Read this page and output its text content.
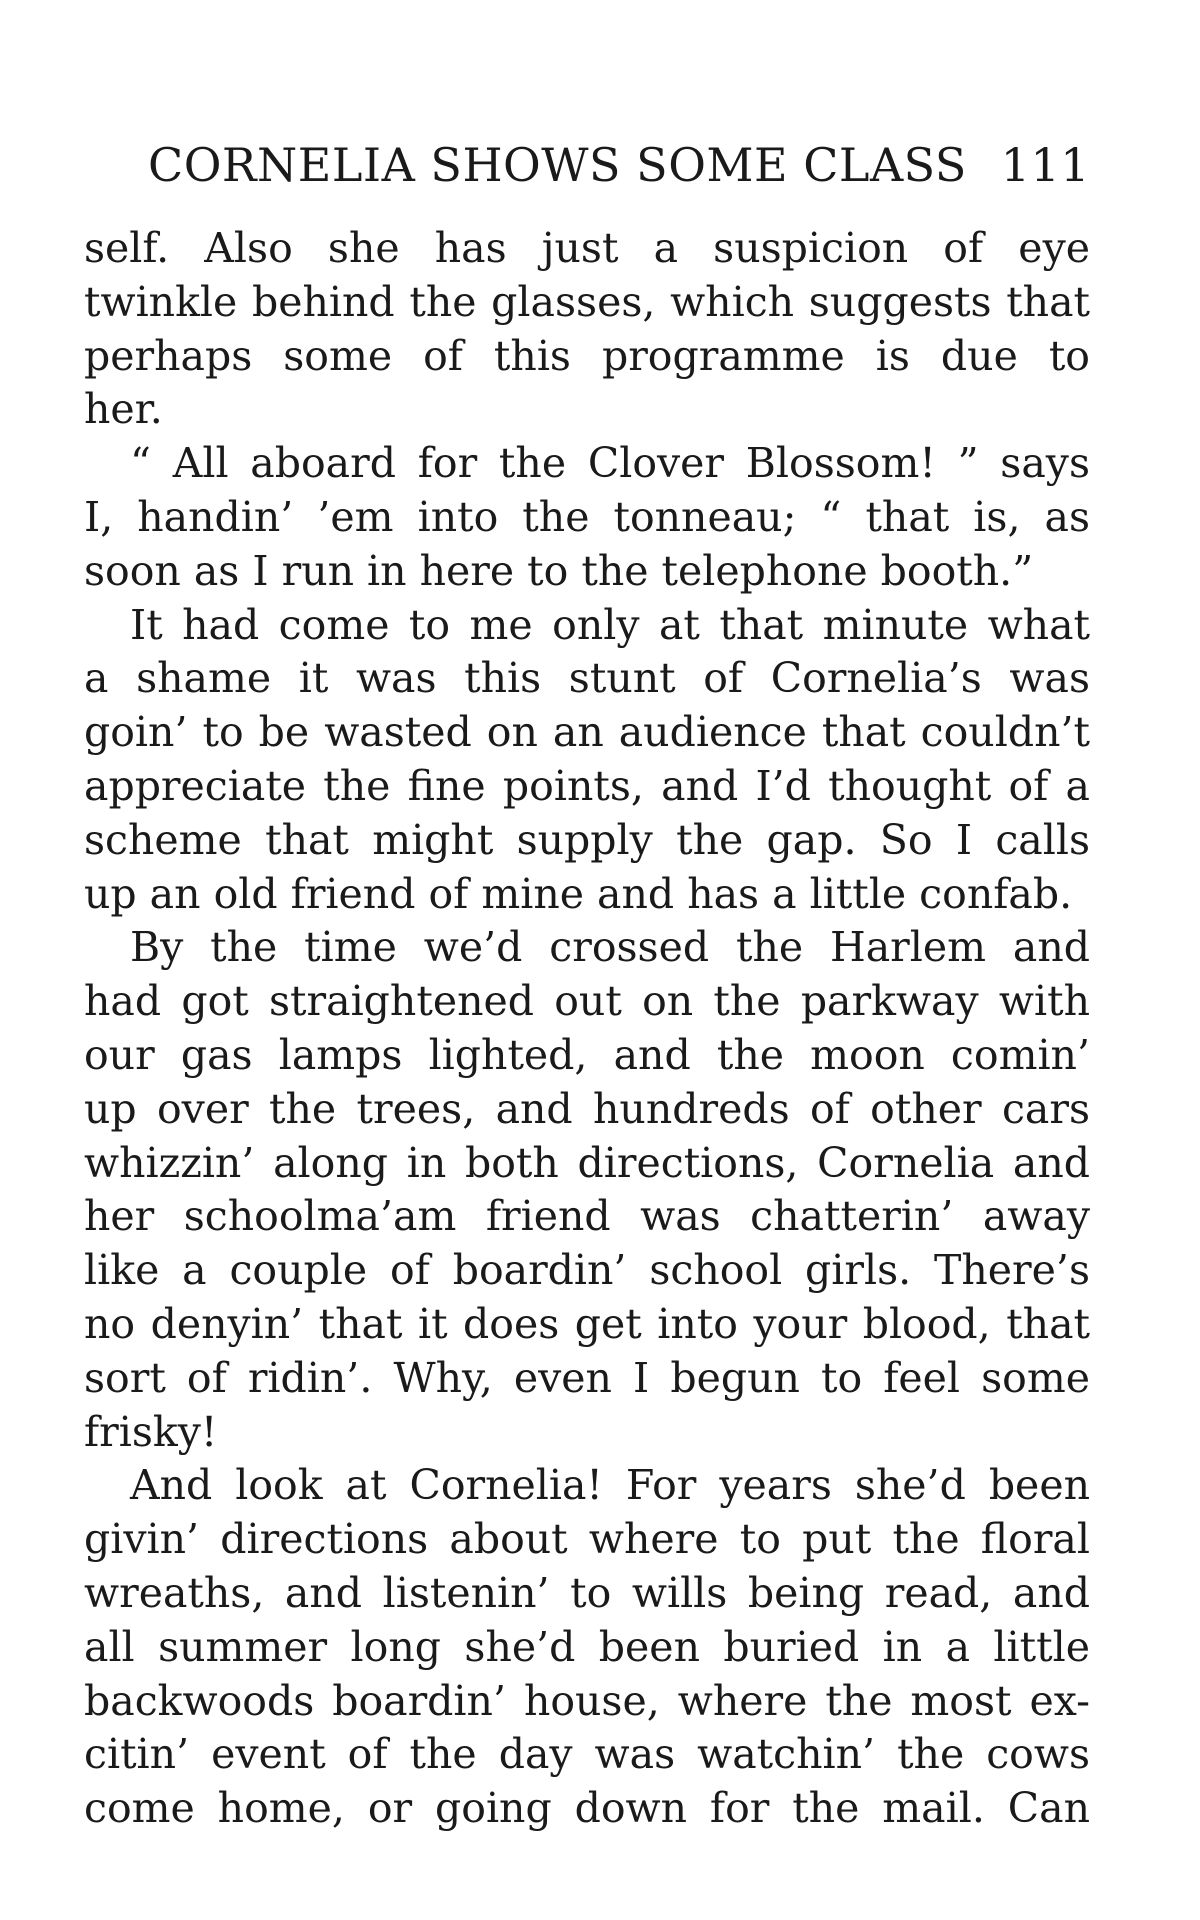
CORNELIA SHOWS SOME CLASS 111
self. Also she has just a suspicion of eye
twinkle behind the glasses, which suggests that
perhaps some of this programme is due to
her.
“ All aboard for the Clover Blossom! ” says
I, handin’ ’em into the tonneau; “ that is, as
soon as I run in here to the telephone booth.”
It had come to me only at that minute what
a shame it was this stunt of Cornelia’s was
goin’ to be wasted on an audience that couldn’t
appreciate the fine points, and I’d thought of a
scheme that might supply the gap. So I calls
up an old friend of mine and has a little confab.
By the time we’d crossed the Harlem and
had got straightened out on the parkway with
our gas lamps lighted, and the moon comin’
up over the trees, and hundreds of other cars
whizzin’ along in both directions, Cornelia and
her schoolma’am friend was chatterin’ away
like a couple of boardin’ school girls. There’s
no denyin’ that it does get into your blood, that
sort of ridin’. Why, even I begun to feel some
frisky!
And look at Cornelia! For years she’d been
givin’ directions about where to put the floral
wreaths, and listenin’ to wills being read, and
all summer long she’d been buried in a little
backwoods boardin’ house, where the most ex-
citin’ event of the day was watchin’ the cows
come home, or going down for the mail. Can
